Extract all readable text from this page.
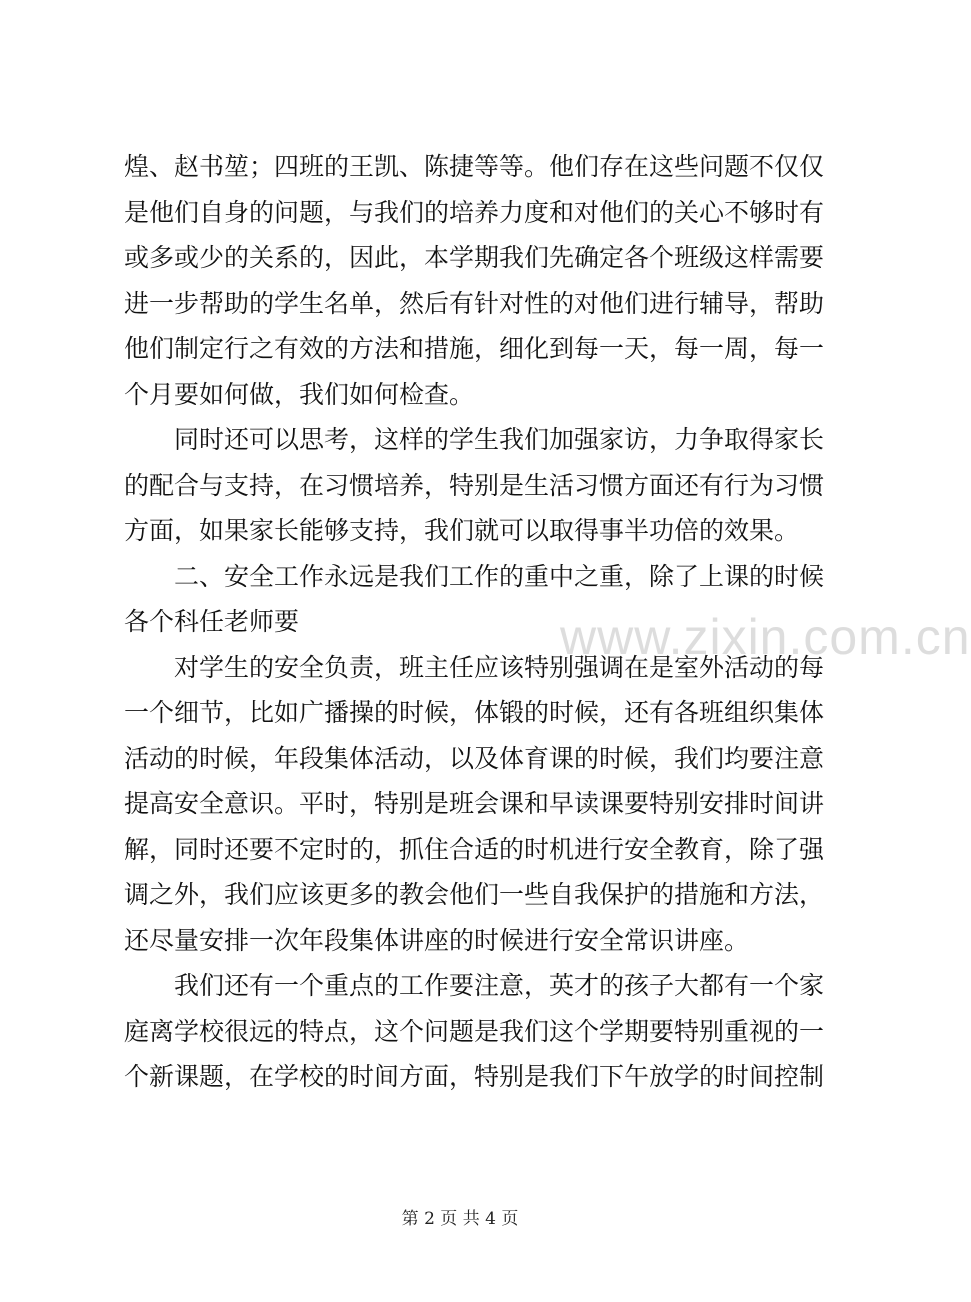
煌、赵书堃；四班的王凯、陈捷等等。他们存在这些问题不仅仅
是他们自身的问题，与我们的培养力度和对他们的关心不够时有
或多或少的关系的，因此，本学期我们先确定各个班级这样需要
进一步帮助的学生名单，然后有针对性的对他们进行辅导，帮助
他们制定行之有效的方法和措施，细化到每一天，每一周，每一
个月要如何做，我们如何检查。
同时还可以思考，这样的学生我们加强家访，力争取得家长
的配合与支持，在习惯培养，特别是生活习惯方面还有行为习惯
方面，如果家长能够支持，我们就可以取得事半功倍的效果。
二、安全工作永远是我们工作的重中之重，除了上课的时候
各个科任老师要
对学生的安全负责，班主任应该特别强调在是室外活动的每
一个细节，比如广播操的时候，体锻的时候，还有各班组织集体
活动的时候，年段集体活动，以及体育课的时候，我们均要注意
提高安全意识。平时，特别是班会课和早读课要特别安排时间讲
解，同时还要不定时的，抓住合适的时机进行安全教育，除了强
调之外，我们应该更多的教会他们一些自我保护的措施和方法，
还尽量安排一次年段集体讲座的时候进行安全常识讲座。
我们还有一个重点的工作要注意，英才的孩子大都有一个家
庭离学校很远的特点，这个问题是我们这个学期要特别重视的一
个新课题，在学校的时间方面，特别是我们下午放学的时间控制
www.zixin.com.cn
第 2 页 共 4 页
